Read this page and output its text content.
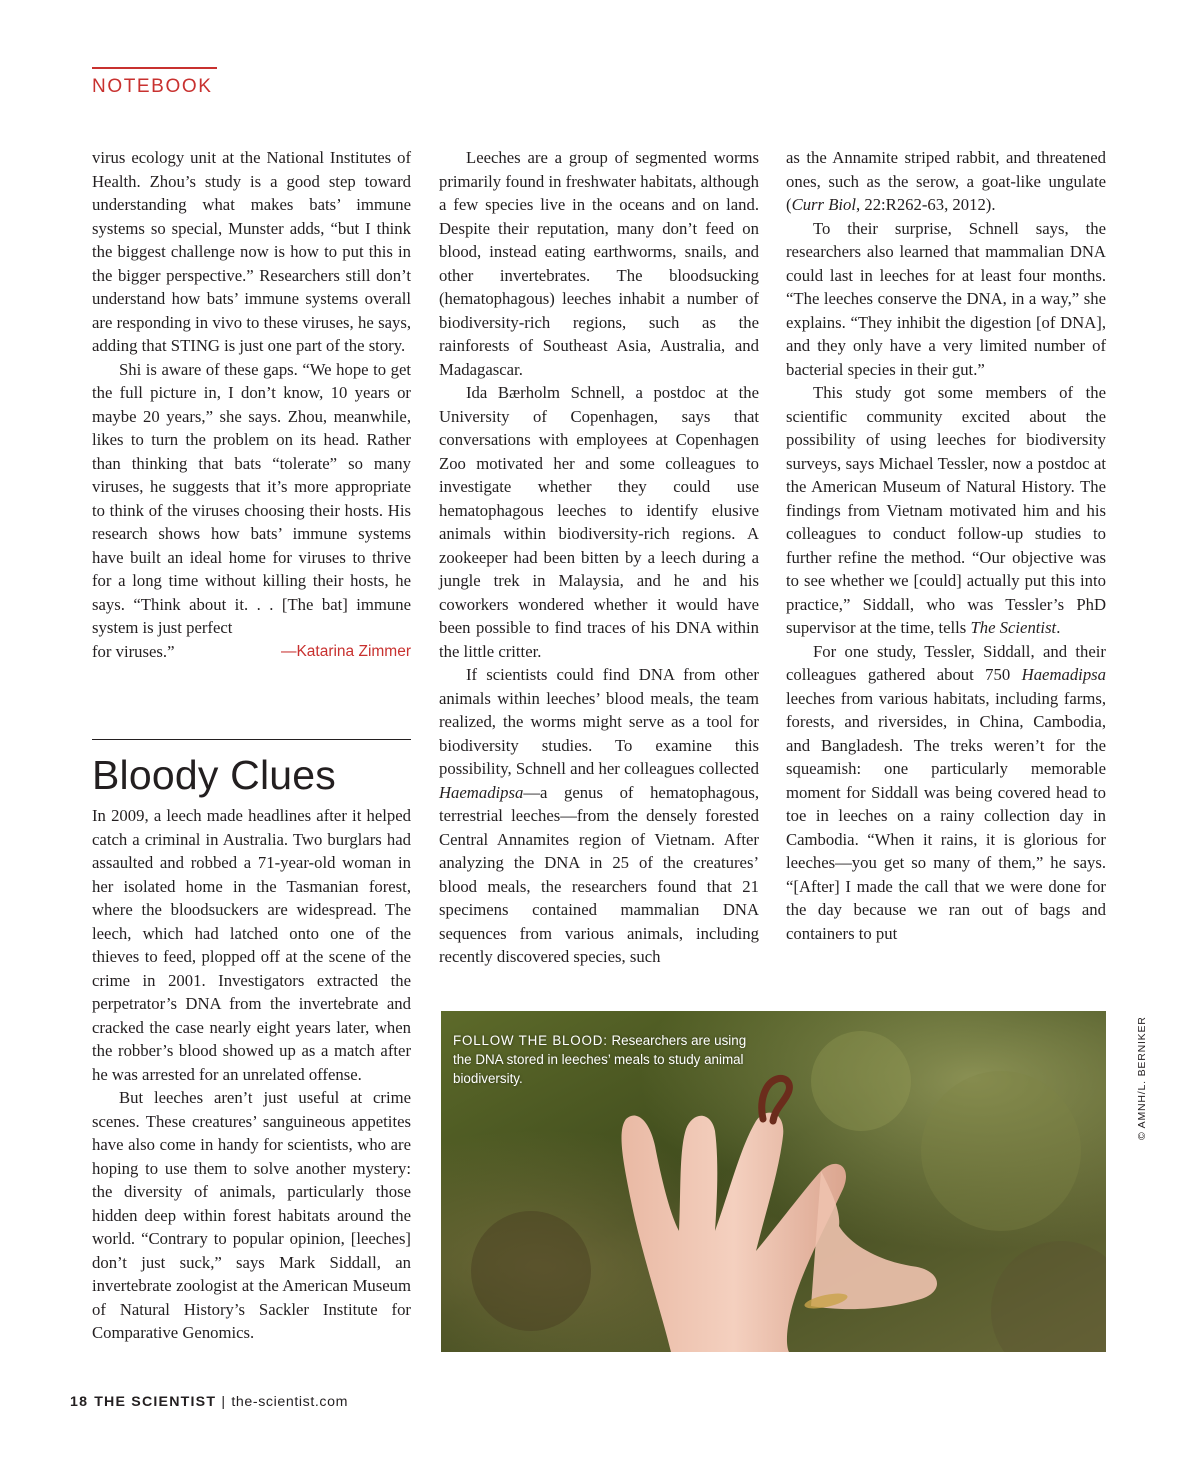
NOTEBOOK

virus ecology unit at the National Institutes of Health. Zhou’s study is a good step toward understanding what makes bats’ immune systems so special, Munster adds, “but I think the biggest challenge now is how to put this in the bigger perspective.” Researchers still don’t understand how bats’ immune systems overall are responding in vivo to these viruses, he says, adding that STING is just one part of the story.

Shi is aware of these gaps. “We hope to get the full picture in, I don’t know, 10 years or maybe 20 years,” she says. Zhou, meanwhile, likes to turn the problem on its head. Rather than thinking that bats “tolerate” so many viruses, he suggests that it’s more appropriate to think of the viruses choosing their hosts. His research shows how bats’ immune systems have built an ideal home for viruses to thrive for a long time without killing their hosts, he says. “Think about it. . . [The bat] immune system is just perfect

for viruses.”	—Katarina Zimmer
Bloody Clues

In 2009, a leech made headlines after it helped catch a criminal in Australia. Two burglars had assaulted and robbed a 71-year-old woman in her isolated home in the Tasmanian forest, where the bloodsuckers are widespread. The leech, which had latched onto one of the thieves to feed, plopped off at the scene of the crime in 2001. Investigators extracted the perpetrator’s DNA from the invertebrate and cracked the case nearly eight years later, when the robber’s blood showed up as a match after he was arrested for an unrelated offense.

But leeches aren’t just useful at crime scenes. These creatures’ sanguineous appetites have also come in handy for scientists, who are hoping to use them to solve another mystery: the diversity of animals, particularly those hidden deep within forest habitats around the world. “Contrary to popular opinion, [leeches] don’t just suck,” says Mark Siddall, an invertebrate zoologist at the American Museum of Natural History’s Sackler Institute for Comparative Genomics.

Leeches are a group of segmented worms primarily found in freshwater habitats, although a few species live in the oceans and on land. Despite their reputation, many don’t feed on blood, instead eating earthworms, snails, and other invertebrates. The bloodsucking (hematophagous) leeches inhabit a number of biodiversity-rich regions, such as the rainforests of Southeast Asia, Australia, and Madagascar.

Ida Bærholm Schnell, a postdoc at the University of Copenhagen, says that conversations with employees at Copenhagen Zoo motivated her and some colleagues to investigate whether they could use hematophagous leeches to identify elusive animals within biodiversity-rich regions. A zookeeper had been bitten by a leech during a jungle trek in Malaysia, and he and his coworkers wondered whether it would have been possible to find traces of his DNA within the little critter.

If scientists could find DNA from other animals within leeches’ blood meals, the team realized, the worms might serve as a tool for biodiversity studies. To examine this possibility, Schnell and her colleagues collected Haemadipsa—a genus of hematophagous, terrestrial leeches—from the densely forested Central Annamites region of Vietnam. After analyzing the DNA in 25 of the creatures’ blood meals, the researchers found that 21 specimens contained mammalian DNA sequences from various animals, including recently discovered species, such

as the Annamite striped rabbit, and threatened ones, such as the serow, a goat-like ungulate (Curr Biol, 22:R262-63, 2012).

To their surprise, Schnell says, the researchers also learned that mammalian DNA could last in leeches for at least four months. “The leeches conserve the DNA, in a way,” she explains. “They inhibit the digestion [of DNA], and they only have a very limited number of bacterial species in their gut.”

This study got some members of the scientific community excited about the possibility of using leeches for biodiversity surveys, says Michael Tessler, now a postdoc at the American Museum of Natural History. The findings from Vietnam motivated him and his colleagues to conduct follow-up studies to further refine the method. “Our objective was to see whether we [could] actually put this into practice,” Siddall, who was Tessler’s PhD supervisor at the time, tells The Scientist.

For one study, Tessler, Siddall, and their colleagues gathered about 750 Haemadipsa leeches from various habitats, including farms, forests, and riversides, in China, Cambodia, and Bangladesh. The treks weren’t for the squeamish: one particularly memorable moment for Siddall was being covered head to toe in leeches on a rainy collection day in Cambodia. “When it rains, it is glorious for leeches—you get so many of them,” he says. “[After] I made the call that we were done for the day because we ran out of bags and containers to put

FOLLOW THE BLOOD: Researchers are using the DNA stored in leeches’ meals to study animal biodiversity.	© AMNH/L. BERNIKER
18 THE SCIENTIST | the-scientist.com
